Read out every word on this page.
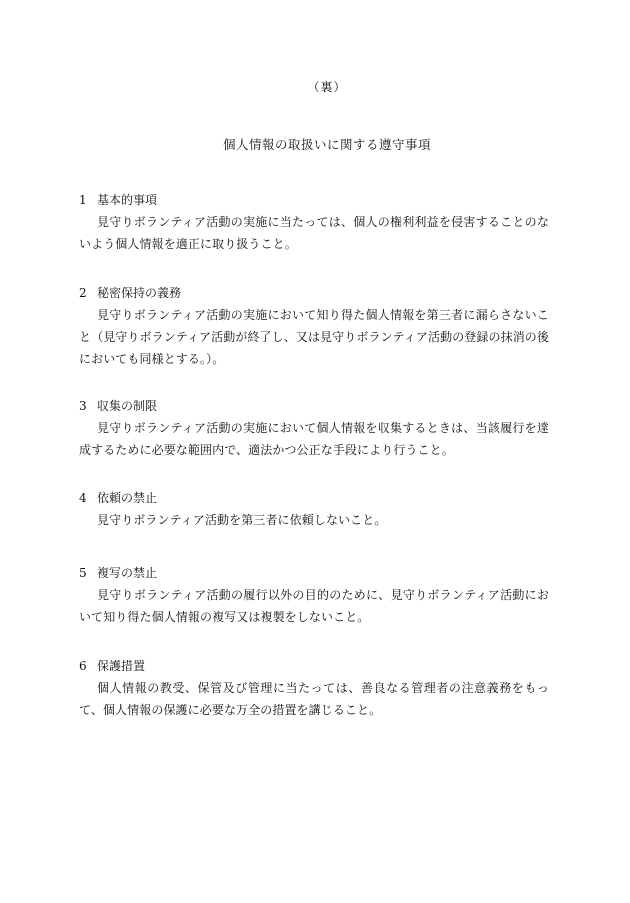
（裏）
個人情報の取扱いに関する遵守事項
1 基本的事項

見守りボランティア活動の実施に当たっては、個人の権利利益を侵害することのないよう個人情報を適正に取り扱うこと。

2 秘密保持の義務

見守りボランティア活動の実施において知り得た個人情報を第三者に漏らさないこと（見守りボランティア活動が終了し、又は見守りボランティア活動の登録の抹消の後においても同様とする。）。

3 収集の制限

見守りボランティア活動の実施において個人情報を収集するときは、当該履行を達成するために必要な範囲内で、適法かつ公正な手段により行うこと。

4 依頼の禁止

見守りボランティア活動を第三者に依頼しないこと。

5 複写の禁止

見守りボランティア活動の履行以外の目的のために、見守りボランティア活動において知り得た個人情報の複写又は複製をしないこと。

6 保護措置

個人情報の教受、保管及び管理に当たっては、善良なる管理者の注意義務をもって、個人情報の保護に必要な万全の措置を講じること。
